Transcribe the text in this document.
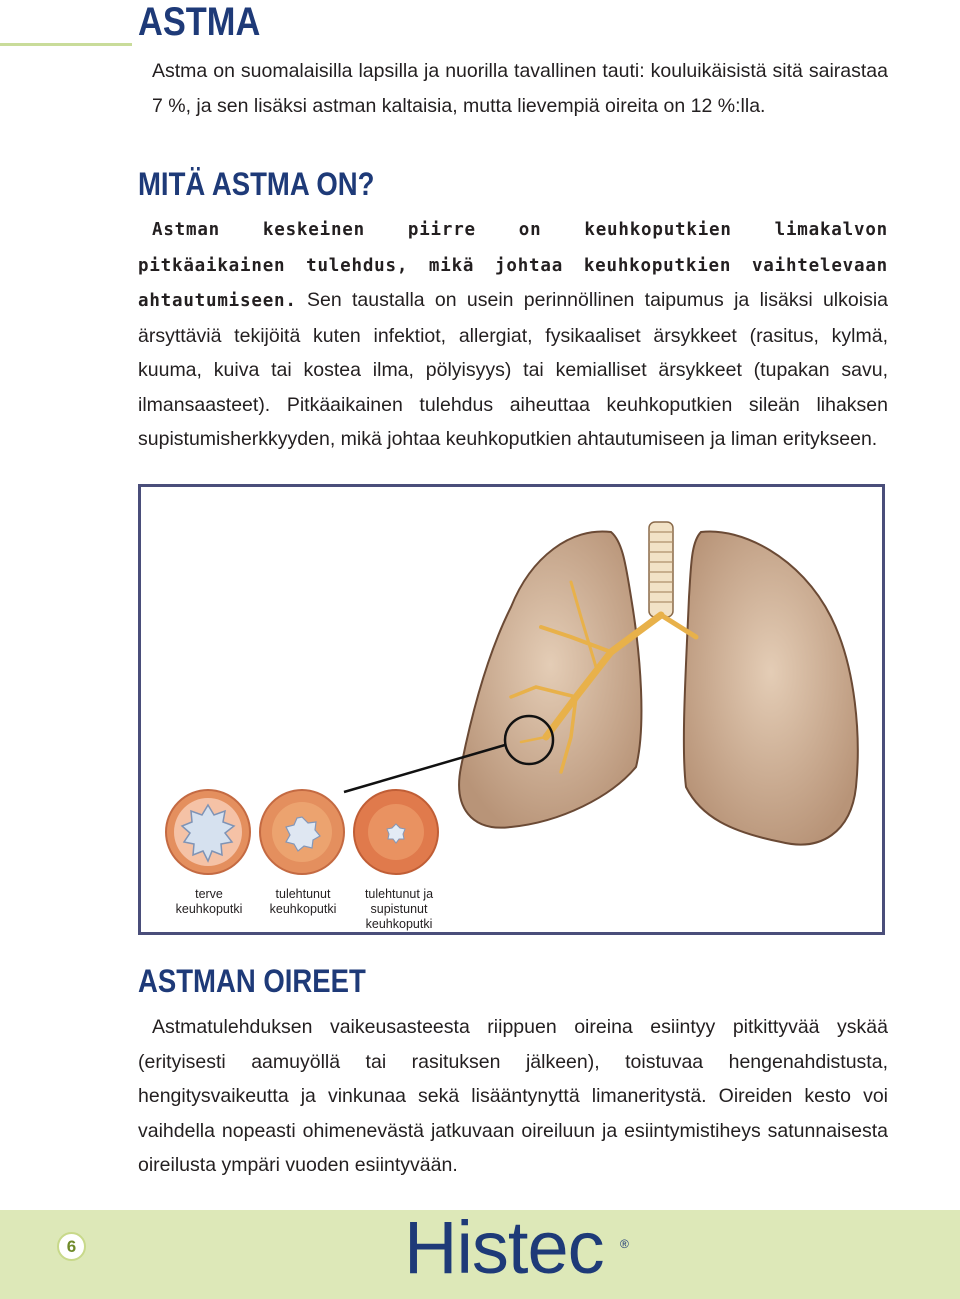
ASTMA

Astma on suomalaisilla lapsilla ja nuorilla tavallinen tauti: kouluikäisistä sitä sairastaa 7 %, ja sen lisäksi astman kaltaisia, mutta lievempiä oireita on 12 %:lla.

MITÄ ASTMA ON?

Astman keskeinen piirre on keuhkoputkien limakalvon pitkäaikainen tulehdus, mikä johtaa keuhkoputkien vaihtelevaan ahtautumiseen. Sen taustalla on usein perinnöllinen taipumus ja lisäksi ulkoisia ärsyttäviä tekijöitä kuten infektiot, allergiat, fysikaaliset ärsykkeet (rasitus, kylmä, kuuma, kuiva tai kostea ilma, pölyisyys) tai kemialliset ärsykkeet (tupakan savu, ilmansaasteet). Pitkäaikainen tulehdus aiheuttaa keuhkoputkien sileän lihaksen supistumisherkkyyden, mikä johtaa keuhkoputkien ahtautumiseen ja liman eritykseen.

terve keuhkoputki
tulehtunut keuhkoputki
tulehtunut ja supistunut keuhkoputki
ASTMAN OIREET

Astmatulehduksen vaikeusasteesta riippuen oireina esiintyy pitkittyvää yskää (erityisesti aamuyöllä tai rasituksen jälkeen), toistuvaa hengenahdistusta, hengitysvaikeutta ja vinkunaa sekä lisääntynyttä limaneritystä. Oireiden kesto voi vaihdella nopeasti ohimenevästä jatkuvaan oireiluun ja esiintymistiheys satunnaisesta oireilusta ympäri vuoden esiintyvään.

6	Histec ®
